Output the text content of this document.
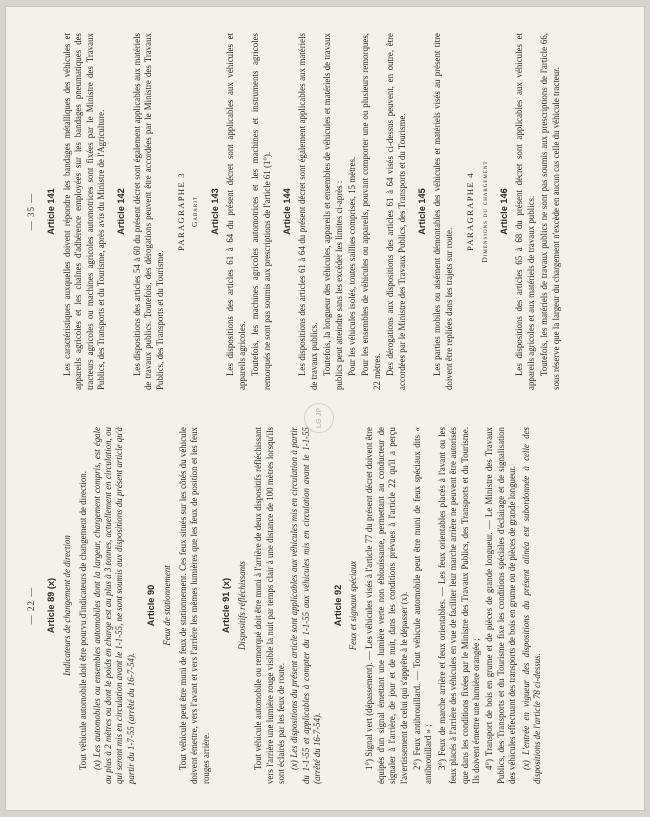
— 22 — Article 89 (x) Indicateurs de changement de direction Tout véhicule automobile doit être pourvu d'indicateurs de changement de direction. (x) Les automobiles ou ensembles automobiles dont la largeur, chargement compris, est égale au plus à 2 mètres ou dont le poids en charge est au plus à 3 tonnes, actuellement en circulation, ou qui seront mis en circulation avant le 1-1-55, ne sont soumis aux dispositions du présent article qu'à partir du 1-7-55 (arrêté du 16-7-54).

Article 90 Feux de stationnement Tout véhicule peut être muni de feux de stationnement. Ces feux situés sur les côtés du véhicule doivent émettre, vers l'avant et vers l'arrière les mêmes lumières que les feux de position et les feux rouges arrière.

Article 91 (x) Dispositifs réfléchissants Tout véhicule automobile ou remorqué doit être muni à l'arrière de deux dispositifs réfléchissant vers l'arrière une lumière rouge visible la nuit par temps clair à une distance de 100 mètres lorsqu'ils sont éclairés par les feux de route. (x) Les dispositions du présent article sont applicables aux véhicules mis en circulation à partir du 1-1-55 et applicables à compter du 1-1-55 aux véhicules mis en circulation avant le 1-1-55 (arrêté du 16-7-54).

Article 92 Feux et signaux spéciaux 1°) Signal vert (dépassement). — Les véhicules visés à l'article 77 du présent décret doivent être équipés d'un signal émettant une lumière verte non éblouissante, permettant au conducteur de signaler à l'arrière, de jour et de nuit, dans les conditions prévues à l'article 22 qu'il a perçu l'avertissement de celui qui s'apprête à le dépasser (x). 2°) Feux antibrouillard. — Tout véhicule automobile peut être muni de feux spéciaux dits « antibrouillard » ; 3°) Feux de marche arrière et feux orientables. — Les feux orientables placés à l'avant ou les feux placés à l'arrière des véhicules en vue de faciliter leur marche arrière ne peuvent être autorisés que dans les conditions fixées par le Ministre des Travaux Publics, des Transports et du Tourisme. Ils doivent émettre une lumière orangée ; 4°) Transport de bois en grume et de pièces de grande longueur. — Le Ministre des Travaux Publics, des Transports et du Tourisme fixe les conditions spéciales d'éclairage et de signalisation des véhicules effectuant des transports de bois en grume ou de pièces de grande longueur. (x) L'entrée en vigueur des dispositions du présent alinéa est subordonnée à celle des dispositions de l'article 78 ci-dessus.

LG JP
— 35 — Article 141 Les caractéristiques auxquelles doivent répondre les bandages métalliques des véhicules et appareils agricoles et les chaînes d'adhérence employées sur les bandages pneumatiques des tracteurs agricoles ou machines agricoles automotrices sont fixées par le Ministre des Travaux Publics, des Transports et du Tourisme, après avis du Ministre de l'Agriculture. Article 142 Les dispositions des articles 54 à 60 du présent décret sont également applicables aux matériels de travaux publics. Toutefois, des dérogations peuvent être accordées par le Ministre des Travaux Publics, des Transports et du Tourisme.

PARAGRAPHE 3 Gabarit Article 143 Les dispositions des articles 61 à 64 du présent décret sont applicables aux véhicules et appareils agricoles. Toutefois, les machines agricoles automotrices et les machines et instruments agricoles remorqués ne sont pas soumis aux prescriptions de l'article 61 (1°). Article 144 Les dispositions des articles 61 à 64 du présent décret sont également applicables aux matériels de travaux publics. Toutefois, la longueur des véhicules, appareils et ensembles de véhicules et matériels de travaux publics peut atteindre sans les excéder les limites ci-après : Pour les véhicules isolés, toutes saillies comprises, 15 mètres. Pour les ensembles de véhicules ou appareils, pouvant comporter une ou plusieurs remorques, 22 mètres. Des dérogations aux dispositions des articles 61 à 64 visés ci-dessus peuvent, en outre, être accordées par le Ministre des Travaux Publics, des Transports et du Tourisme. Article 145 Les parties mobiles ou aisément démontables des véhicules et matériels visés au présent titre doivent être repliées dans les trajets sur route.

PARAGRAPHE 4 Dimensions du chargement Article 146 Les dispositions des articles 65 à 68 du présent décret sont applicables aux véhicules et appareils agricoles et aux matériels de travaux publics. Toutefois, les matériels de travaux publics ne sont pas soumis aux prescriptions de l'article 66, sous réserve que la largeur du chargement n'excède en aucun cas celle du véhicule tracteur.
